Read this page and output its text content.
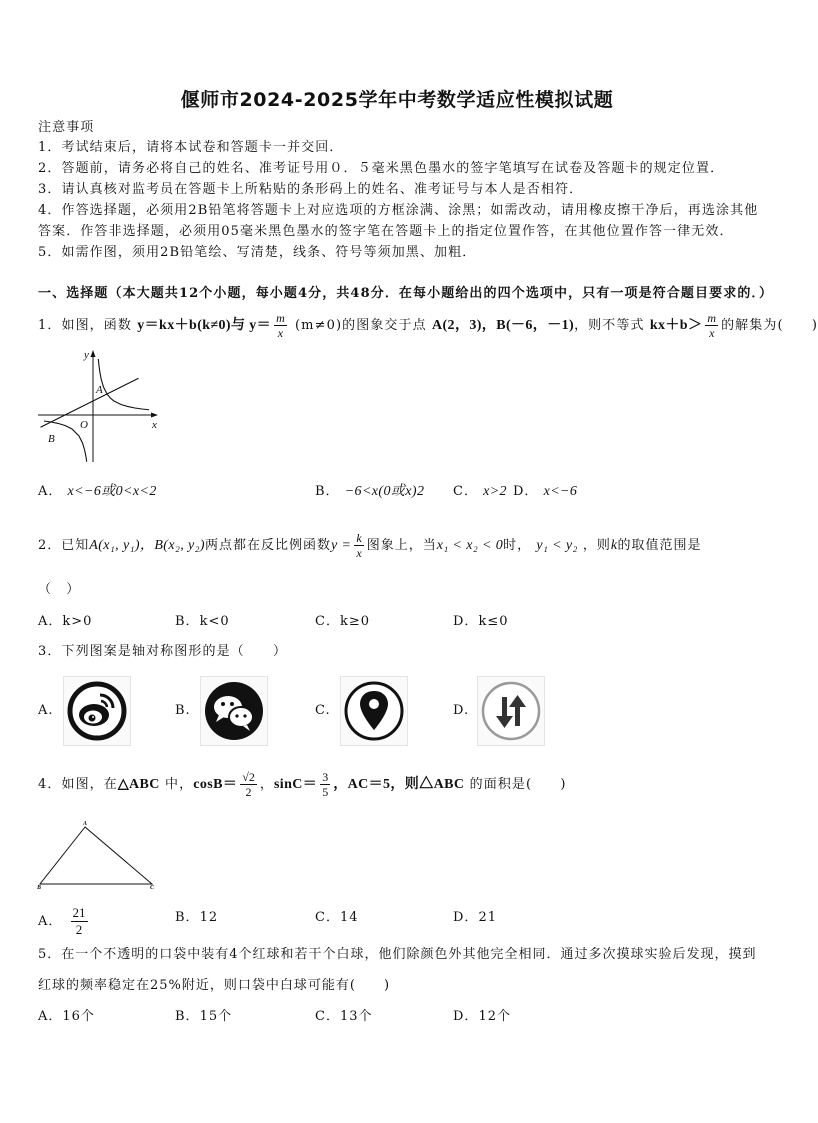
偃师市2024-2025学年中考数学适应性模拟试题
注意事项
1．考试结束后，请将本试卷和答题卡一并交回．
2．答题前，请务必将自己的姓名、准考证号用０．５毫米黑色墨水的签字笔填写在试卷及答题卡的规定位置．
3．请认真核对监考员在答题卡上所粘贴的条形码上的姓名、准考证号与本人是否相符．
4．作答选择题，必须用2B铅笔将答题卡上对应选项的方框涂满、涂黑；如需改动，请用橡皮擦干净后，再选涂其他
答案．作答非选择题，必须用05毫米黑色墨水的签字笔在答题卡上的指定位置作答，在其他位置作答一律无效．
5．如需作图，须用2B铅笔绘、写清楚，线条、符号等须加黑、加粗．
一、选择题（本大题共12个小题，每小题4分，共48分．在每小题给出的四个选项中，只有一项是符合题目要求的．）
1．如图，函数 y＝kx＋b(k≠0)与 $y= \frac{m}{x} (m\ne 0)$的图象交于点 A(2，3)，B(－6，－1)，则不等式 $kx+b> \frac{m}{x}$ 的解集为(　　)
y
x
O
A
B
A． x<−6或0<x<2	B． −6<x(0或x)2 C． x>2 D． x<−6
2．已知A(x₁, y₁)，B(x₂, y₂)两点都在反比例函数$y = \frac{k}{x}$ 图象上，当x₁ < x₂ < 0时， y₁ < y₂ ，则k的取值范围是
（　）
A．k>0	B．k<0	C．k≥0	D．k≤0
3．下列图案是轴对称图形的是（　　）
A.	B.	C.	D.
4．如图，在△ABC 中，$\cos B= \frac{√2}{2}$ ，$\sin C= \frac{3}{5}$ ，AC＝5，则△ABC 的面积是(　　)
A
B	C
A． $\frac{21}{2}$	B．12	C．14	D．21
5．在一个不透明的口袋中装有4个红球和若干个白球，他们除颜色外其他完全相同．通过多次摸球实验后发现，摸到
红球的频率稳定在25%附近，则口袋中白球可能有(　　)
A．16个	B．15个	C．13个	D．12个
